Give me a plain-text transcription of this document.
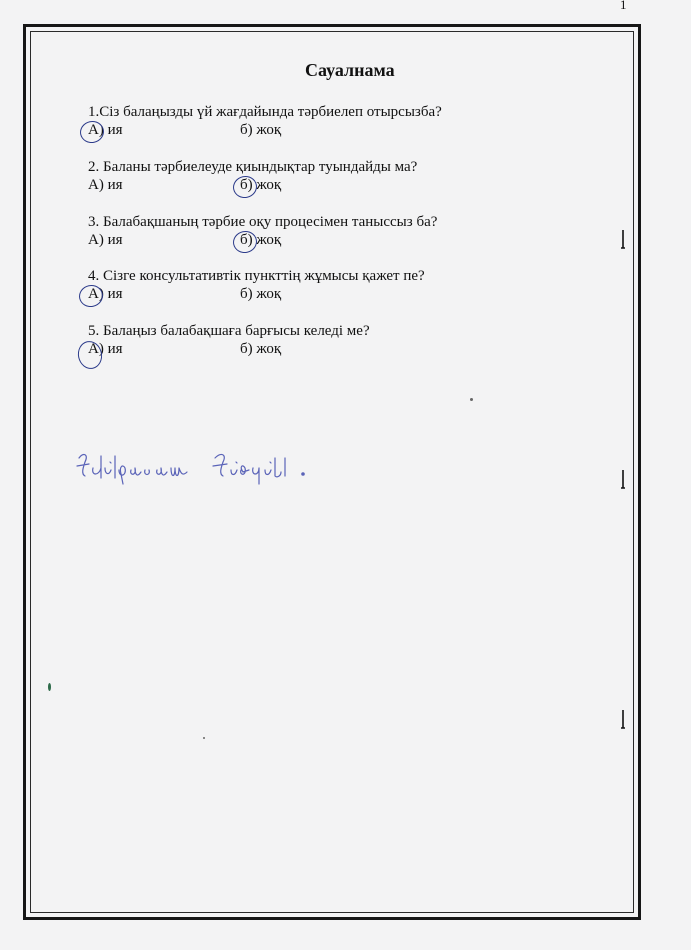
1
Сауалнама
1.Сіз балаңызды үй жағдайында тәрбиелеп отырсызба?
А) ия	б) жоқ
2. Баланы тәрбиелеуде қиындықтар туындайды ма?
А) ия	б) жоқ
3. Балабақшаның тәрбие оқу процесімен таныссыз ба?
А) ия	б) жоқ
4. Сізге консультативтік пункттің жұмысы қажет пе?
А) ия	б) жоқ
5. Балаңыз балабақшаға барғысы келеді ме?
А) ия	б) жоқ
